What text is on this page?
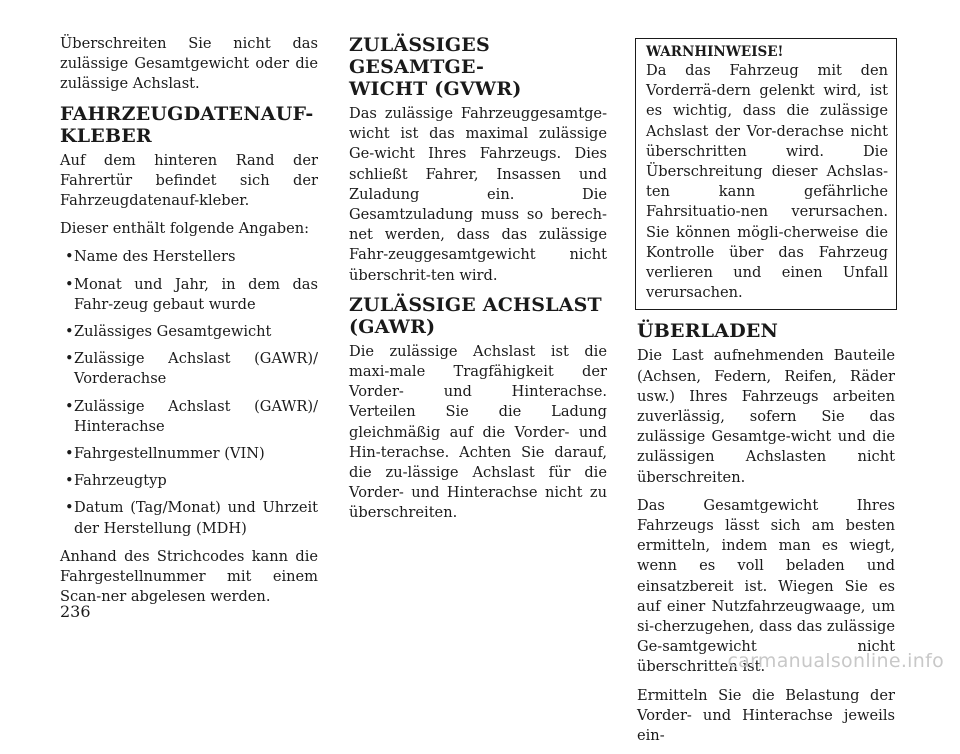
Überschreiten Sie nicht das zulässige Gesamtgewicht oder die zulässige Achslast.

FAHRZEUGDATENAUF-
KLEBER

Auf dem hinteren Rand der Fahrertür befindet sich der Fahrzeugdatenauf-kleber.

Dieser enthält folgende Angaben:

• Name des Herstellers
• Monat und Jahr, in dem das Fahr-zeug gebaut wurde
• Zulässiges Gesamtgewicht
• Zulässige Achslast (GAWR)/ Vorderachse
• Zulässige Achslast (GAWR)/ Hinterachse
• Fahrgestellnummer (VIN)
• Fahrzeugtyp
• Datum (Tag/Monat) und Uhrzeit der Herstellung (MDH)

Anhand des Strichcodes kann die Fahrgestellnummer mit einem Scan-ner abgelesen werden.

ZULÄSSIGES GESAMTGE-
WICHT (GVWR)

Das zulässige Fahrzeuggesamtge-wicht ist das maximal zulässige Ge-wicht Ihres Fahrzeugs. Dies schließt Fahrer, Insassen und Zuladung ein. Die Gesamtzuladung muss so berech-net werden, dass das zulässige Fahr-zeuggesamtgewicht nicht überschrit-ten wird.

ZULÄSSIGE ACHSLAST
(GAWR)

Die zulässige Achslast ist die maxi-male Tragfähigkeit der Vorder- und Hinterachse. Verteilen Sie die Ladung gleichmäßig auf die Vorder- und Hin-terachse. Achten Sie darauf, die zu-lässige Achslast für die Vorder- und Hinterachse nicht zu überschreiten.

WARNHINWEISE!

Da das Fahrzeug mit den Vorderrä-dern gelenkt wird, ist es wichtig, dass die zulässige Achslast der Vor-derachse nicht überschritten wird. Die Überschreitung dieser Achslas-ten kann gefährliche Fahrsituatio-nen verursachen. Sie können mögli-cherweise die Kontrolle über das Fahrzeug verlieren und einen Unfall verursachen.

ÜBERLADEN

Die Last aufnehmenden Bauteile (Achsen, Federn, Reifen, Räder usw.) Ihres Fahrzeugs arbeiten zuverlässig, sofern Sie das zulässige Gesamtge-wicht und die zulässigen Achslasten nicht überschreiten.

Das Gesamtgewicht Ihres Fahrzeugs lässt sich am besten ermitteln, indem man es wiegt, wenn es voll beladen und einsatzbereit ist. Wiegen Sie es auf einer Nutzfahrzeugwaage, um si-cherzugehen, dass das zulässige Ge-samtgewicht nicht überschritten ist.

Ermitteln Sie die Belastung der Vorder- und Hinterachse jeweils ein-

236
carmanualsonline.info
